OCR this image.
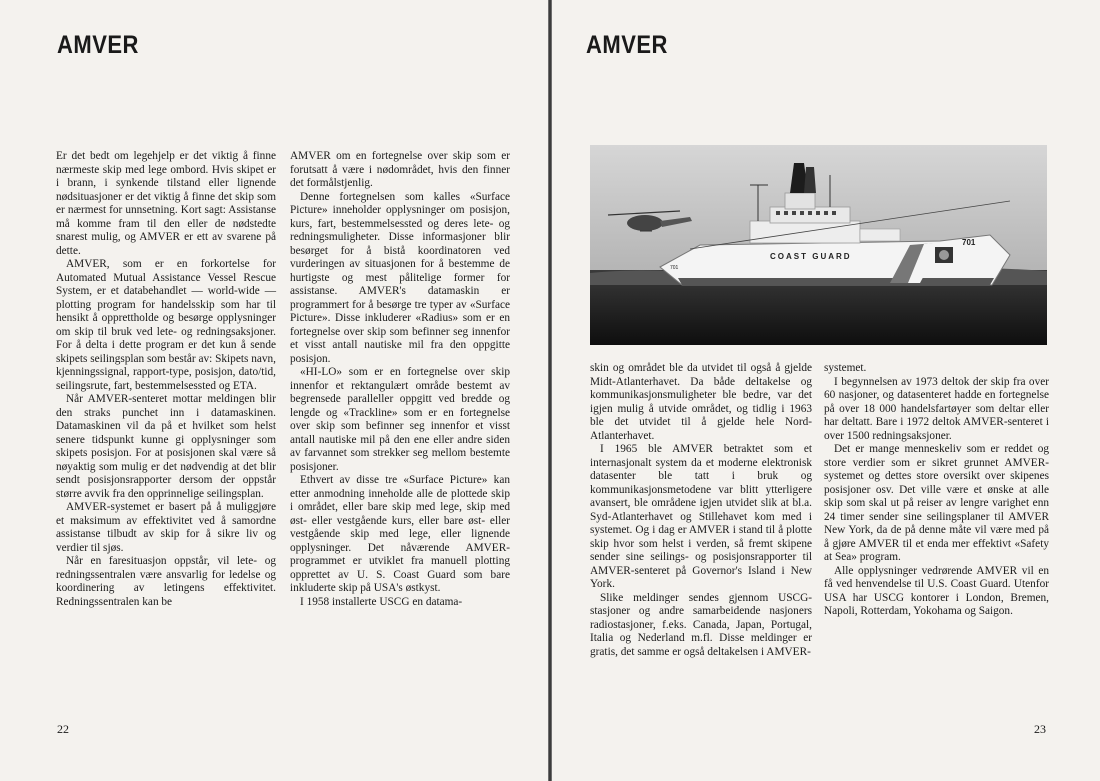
AMVER

Er det bedt om legehjelp er det viktig å finne nærmeste skip med lege ombord. Hvis skipet er i brann, i synkende tilstand eller lignende nødsituasjoner er det viktig å finne det skip som er nærmest for unnsetning. Kort sagt: Assistanse må komme fram til den eller de nødstedte snarest mulig, og AMVER er ett av svarene på dette.

AMVER, som er en forkortelse for Automated Mutual Assistance Vessel Rescue System, er et databehandlet — world-wide — plotting program for handelsskip som har til hensikt å opprettholde og besørge opplysninger om skip til bruk ved lete- og redningsaksjoner. For å delta i dette program er det kun å sende skipets seilingsplan som består av: Skipets navn, kjenningssignal, rapport-type, posisjon, dato/tid, seilingsrute, fart, bestemmelsessted og ETA.

Når AMVER-senteret mottar meldingen blir den straks punchet inn i datamaskinen. Datamaskinen vil da på et hvilket som helst senere tidspunkt kunne gi opplysninger som skipets posisjon. For at posisjonen skal være så nøyaktig som mulig er det nødvendig at det blir sendt posisjonsrapporter dersom der oppstår større avvik fra den opprinnelige seilingsplan.

AMVER-systemet er basert på å muliggjøre et maksimum av effektivitet ved å samordne assistanse tilbudt av skip for å sikre liv og verdier til sjøs.

Når en faresituasjon oppstår, vil lete- og redningssentralen være ansvarlig for ledelse og koordinering av letingens effektivitet. Redningssentralen kan be

AMVER om en fortegnelse over skip som er forutsatt å være i nødområdet, hvis den finner det formålstjenlig.

Denne fortegnelsen som kalles «Surface Picture» inneholder opplysninger om posisjon, kurs, fart, bestemmelsessted og deres lete- og redningsmuligheter. Disse informasjoner blir besørget for å bistå koordinatoren ved vurderingen av situasjonen for å bestemme de hurtigste og mest pålitelige former for assistanse. AMVER's datamaskin er programmert for å besørge tre typer av «Surface Picture». Disse inkluderer «Radius» som er en fortegnelse over skip som befinner seg innenfor et visst antall nautiske mil fra den oppgitte posisjon.

«HI-LO» som er en fortegnelse over skip innenfor et rektangulært område bestemt av begrensede paralleller oppgitt ved bredde og lengde og «Trackline» som er en fortegnelse over skip som befinner seg innenfor et visst antall nautiske mil på den ene eller andre siden av farvannet som strekker seg mellom bestemte posisjoner.

Ethvert av disse tre «Surface Picture» kan etter anmodning inneholde alle de plottede skip i området, eller bare skip med lege, skip med øst- eller vestgående kurs, eller bare øst- eller vestgående skip med lege, eller lignende opplysninger. Det nåværende AMVER-programmet er utviklet fra manuell plotting opprettet av U. S. Coast Guard som bare inkluderte skip på USA's østkyst.

I 1958 installerte USCG en datama-

22
AMVER
COAST GUARD
701
701

skin og området ble da utvidet til også å gjelde Midt-Atlanterhavet. Da både deltakelse og kommunikasjonsmuligheter ble bedre, var det igjen mulig å utvide området, og tidlig i 1963 ble det utvidet til å gjelde hele Nord-Atlanterhavet.

I 1965 ble AMVER betraktet som et internasjonalt system da et moderne elektronisk datasenter ble tatt i bruk og kommunikasjonsmetodene var blitt ytterligere avansert, ble områdene igjen utvidet slik at bl.a. Syd-Atlanterhavet og Stillehavet kom med i systemet. Og i dag er AMVER i stand til å plotte skip hvor som helst i verden, så fremt skipene sender sine seilings- og posisjonsrapporter til AMVER-senteret på Governor's Island i New York.

Slike meldinger sendes gjennom USCG-stasjoner og andre samarbeidende nasjoners radiostasjoner, f.eks. Canada, Japan, Portugal, Italia og Nederland m.fl. Disse meldinger er gratis, det samme er også deltakelsen i AMVER-

systemet.

I begynnelsen av 1973 deltok der skip fra over 60 nasjoner, og datasenteret hadde en fortegnelse på over 18 000 handelsfartøyer som deltar eller har deltatt. Bare i 1972 deltok AMVER-senteret i over 1500 redningsaksjoner.

Det er mange menneskeliv som er reddet og store verdier som er sikret grunnet AMVER-systemet og dettes store oversikt over skipenes posisjoner osv. Det ville være et ønske at alle skip som skal ut på reiser av lengre varighet enn 24 timer sender sine seilingsplaner til AMVER New York, da de på denne måte vil være med på å gjøre AMVER til et enda mer effektivt «Safety at Sea» program.

Alle opplysninger vedrørende AMVER vil en få ved henvendelse til U.S. Coast Guard. Utenfor USA har USCG kontorer i London, Bremen, Napoli, Rotterdam, Yokohama og Saigon.

23
